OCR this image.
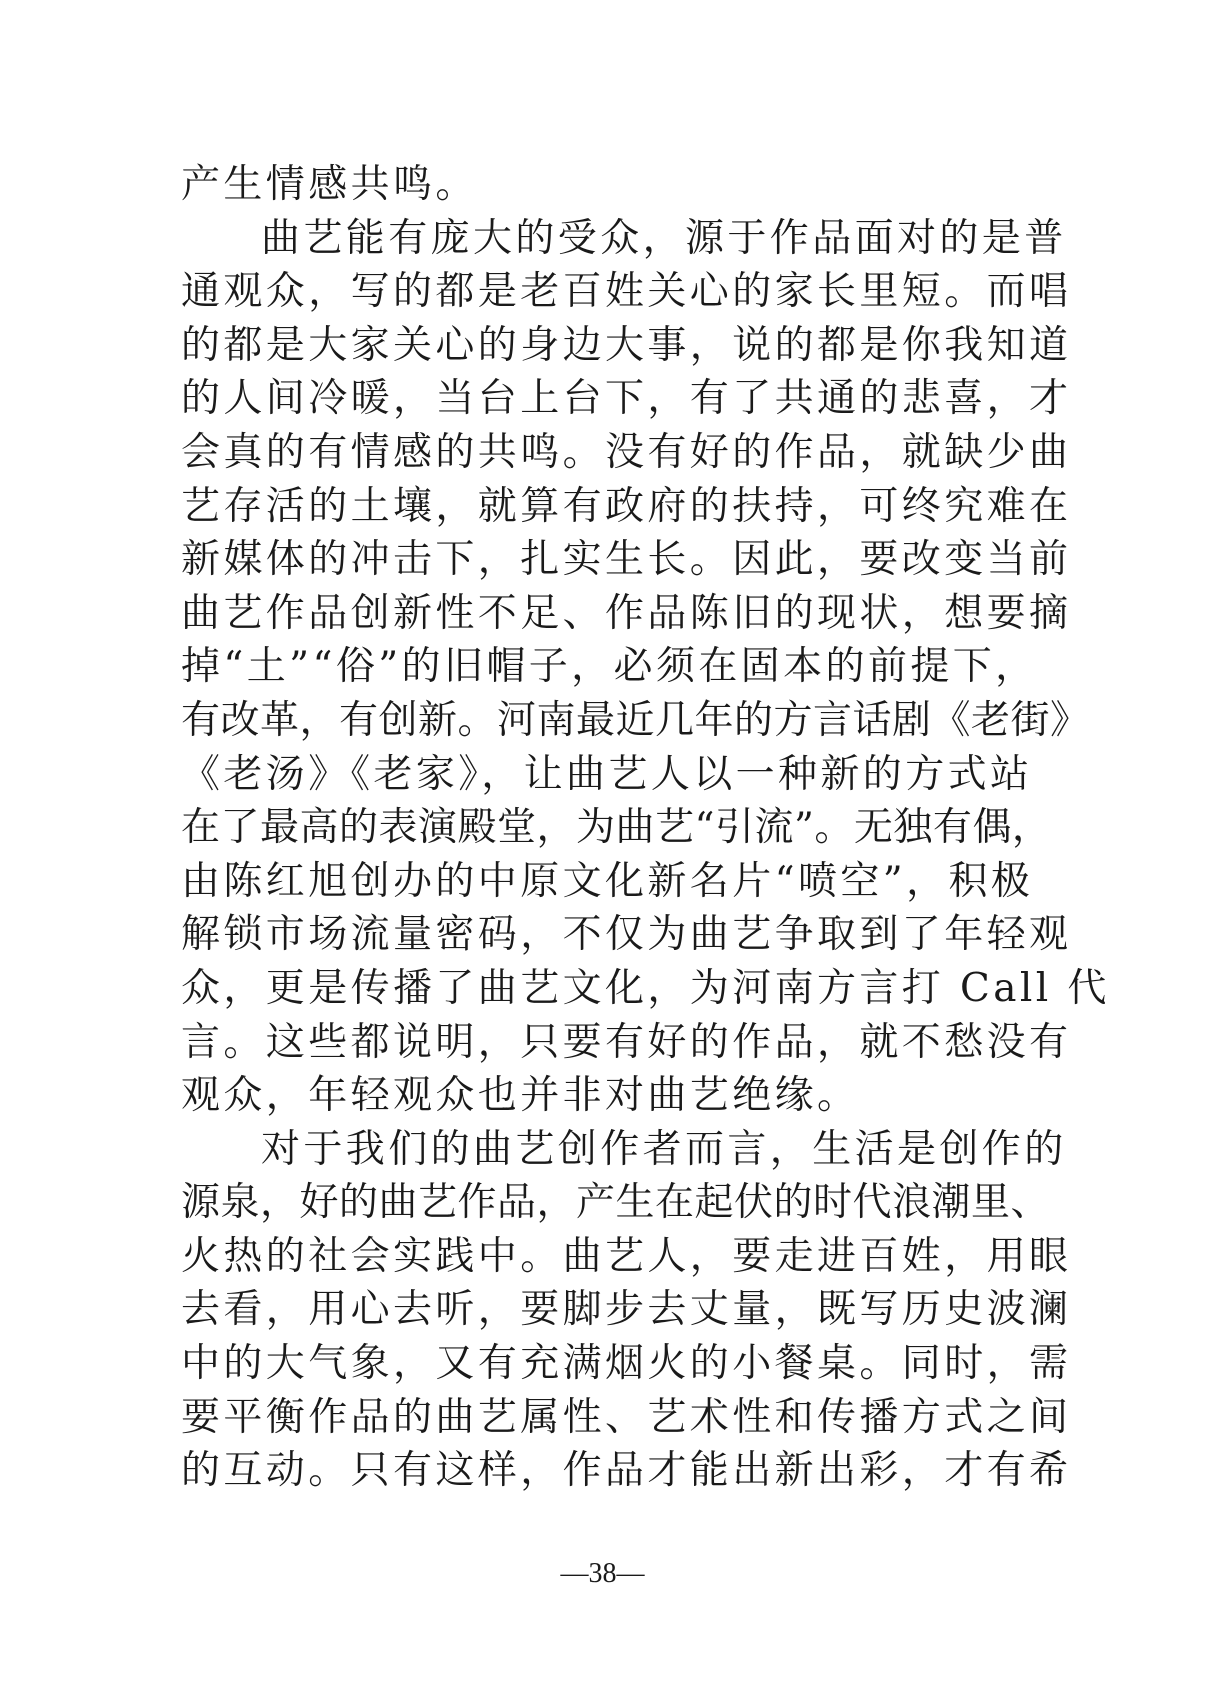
产生情感共鸣。
曲艺能有庞大的受众，源于作品面对的是普
通观众，写的都是老百姓关心的家长里短。而唱
的都是大家关心的身边大事，说的都是你我知道
的人间冷暖，当台上台下，有了共通的悲喜，才
会真的有情感的共鸣。没有好的作品，就缺少曲
艺存活的土壤，就算有政府的扶持，可终究难在
新媒体的冲击下，扎实生长。因此，要改变当前
曲艺作品创新性不足、作品陈旧的现状，想要摘
掉“土”“俗”的旧帽子，必须在固本的前提下，
有改革，有创新。河南最近几年的方言话剧《老街》
《老汤》《老家》，让曲艺人以一种新的方式站
在了最高的表演殿堂，为曲艺“引流”。无独有偶，
由陈红旭创办的中原文化新名片“喷空”，积极
解锁市场流量密码，不仅为曲艺争取到了年轻观
众，更是传播了曲艺文化，为河南方言打 Call 代
言。这些都说明，只要有好的作品，就不愁没有
观众，年轻观众也并非对曲艺绝缘。
对于我们的曲艺创作者而言，生活是创作的
源泉，好的曲艺作品，产生在起伏的时代浪潮里、
火热的社会实践中。曲艺人，要走进百姓，用眼
去看，用心去听，要脚步去丈量，既写历史波澜
中的大气象，又有充满烟火的小餐桌。同时，需
要平衡作品的曲艺属性、艺术性和传播方式之间
的互动。只有这样，作品才能出新出彩，才有希
—38—
